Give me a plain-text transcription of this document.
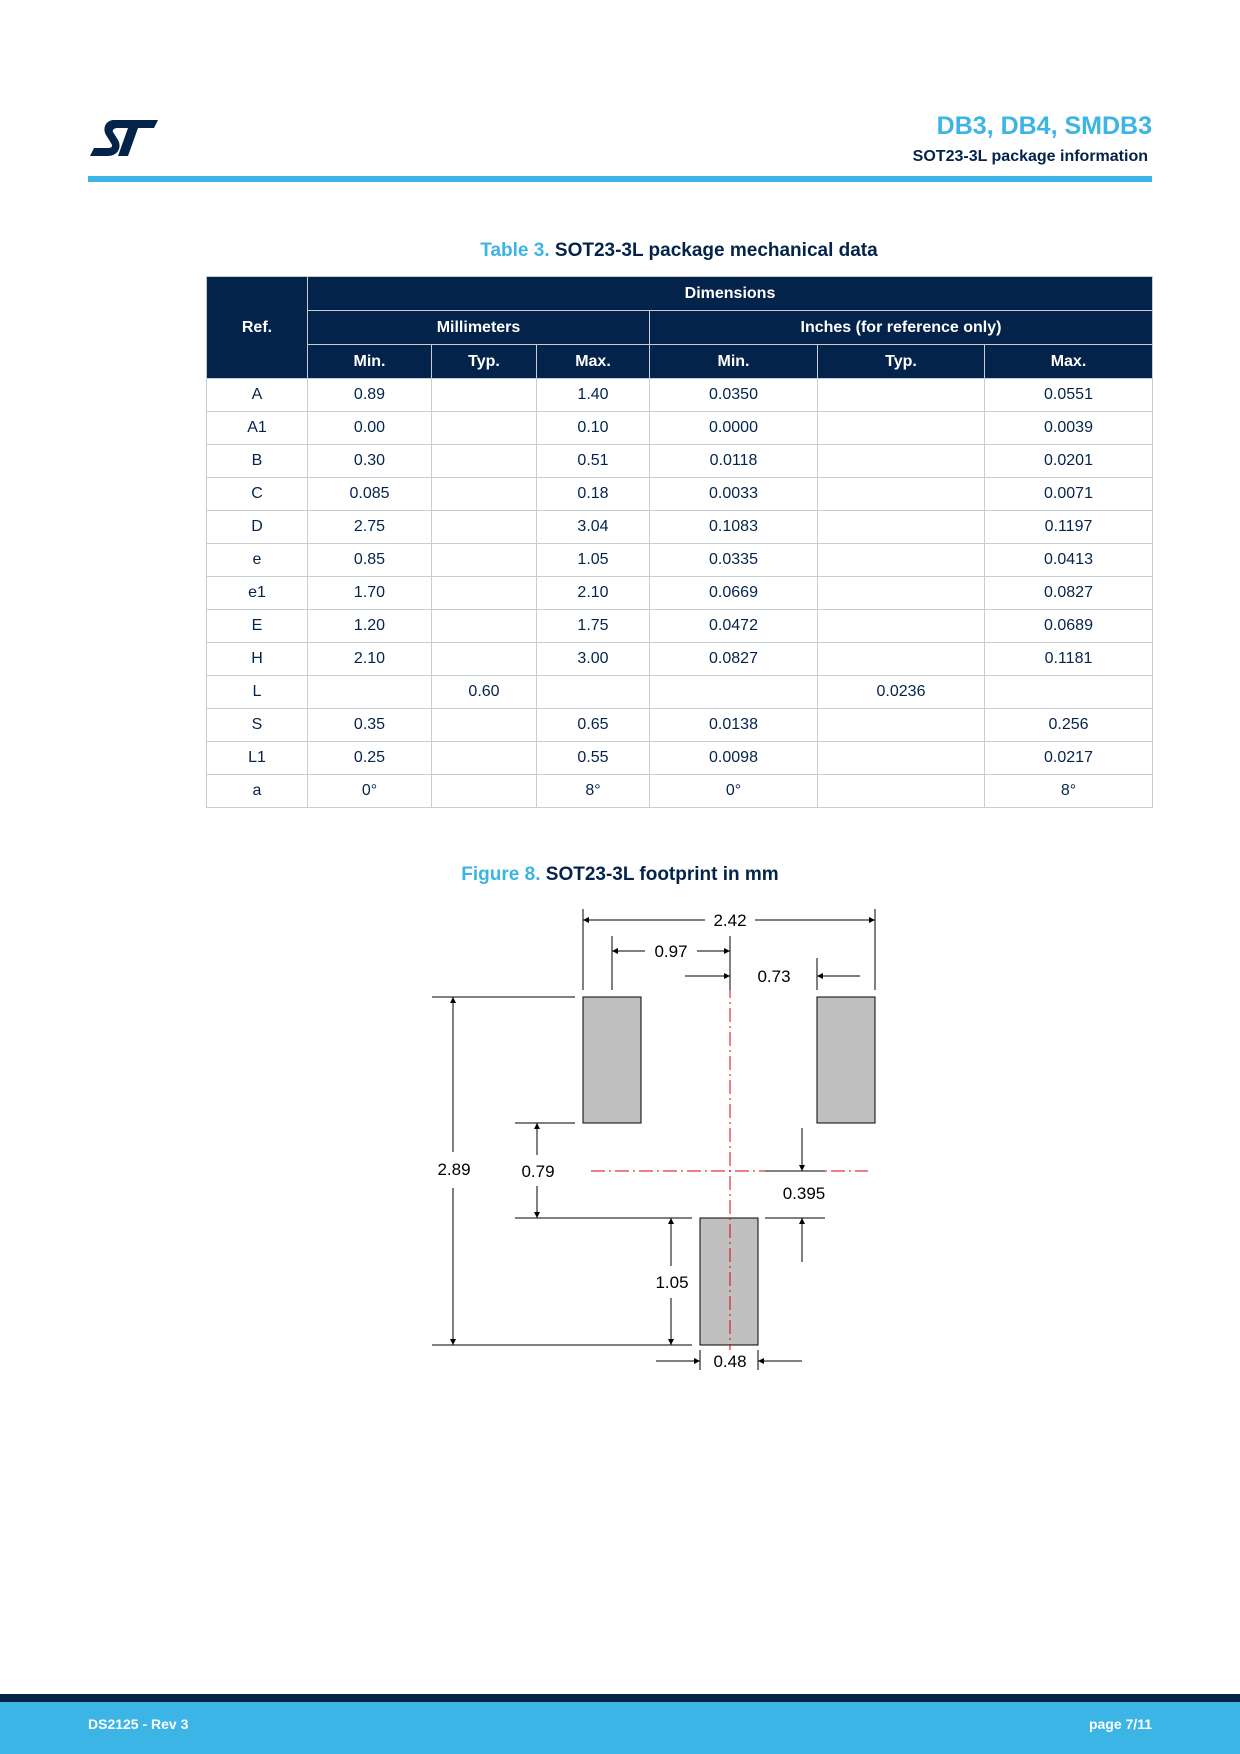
DB3, DB4, SMDB3
SOT23-3L package information
Table 3. SOT23-3L package mechanical data
Ref.	Dimensions					
	Millimeters			Inches (for reference only)		
	Min.	Typ.	Max.	Min.	Typ.	Max.
A	0.89		1.40	0.0350		0.0551
A1	0.00		0.10	0.0000		0.0039
B	0.30		0.51	0.0118		0.0201
C	0.085		0.18	0.0033		0.0071
D	2.75		3.04	0.1083		0.1197
e	0.85		1.05	0.0335		0.0413
e1	1.70		2.10	0.0669		0.0827
E	1.20		1.75	0.0472		0.0689
H	2.10		3.00	0.0827		0.1181
L		0.60			0.0236	
S	0.35		0.65	0.0138		0.256
L1	0.25		0.55	0.0098		0.0217
a	0°		8°	0°		8°
Figure 8. SOT23-3L footprint in mm
2.42
0.97
0.73
2.89	0.79
0.395
1.05
0.48
DS2125 - Rev 3	page 7/11
